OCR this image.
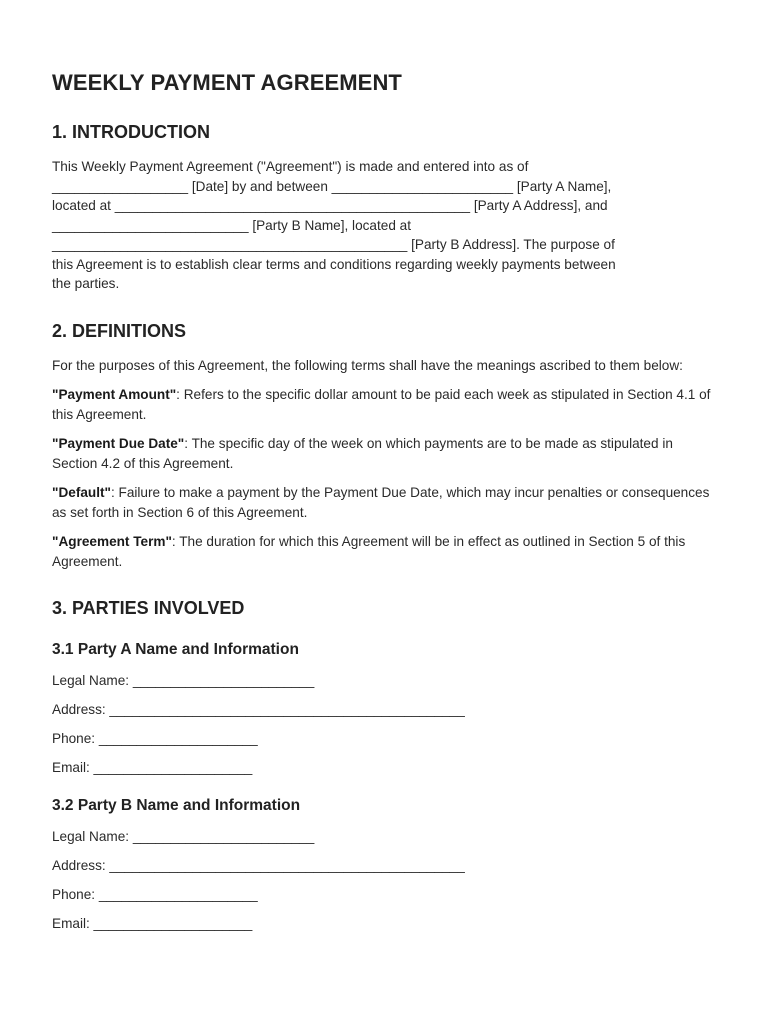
WEEKLY PAYMENT AGREEMENT
1. INTRODUCTION

This Weekly Payment Agreement ("Agreement") is made and entered into as of
__________________ [Date] by and between ________________________ [Party A Name],
located at _______________________________________________ [Party A Address], and
__________________________ [Party B Name], located at
_______________________________________________ [Party B Address]. The purpose of
this Agreement is to establish clear terms and conditions regarding weekly payments between
the parties.

2. DEFINITIONS

For the purposes of this Agreement, the following terms shall have the meanings ascribed to them below:

"Payment Amount": Refers to the specific dollar amount to be paid each week as stipulated in Section 4.1 of this Agreement.

"Payment Due Date": The specific day of the week on which payments are to be made as stipulated in Section 4.2 of this Agreement.

"Default": Failure to make a payment by the Payment Due Date, which may incur penalties or consequences as set forth in Section 6 of this Agreement.

"Agreement Term": The duration for which this Agreement will be in effect as outlined in Section 5 of this Agreement.

3. PARTIES INVOLVED
3.1 Party A Name and Information
Legal Name: ________________________
Address: _______________________________________________
Phone: _____________________
Email: _____________________
3.2 Party B Name and Information
Legal Name: ________________________
Address: _______________________________________________
Phone: _____________________
Email: _____________________
